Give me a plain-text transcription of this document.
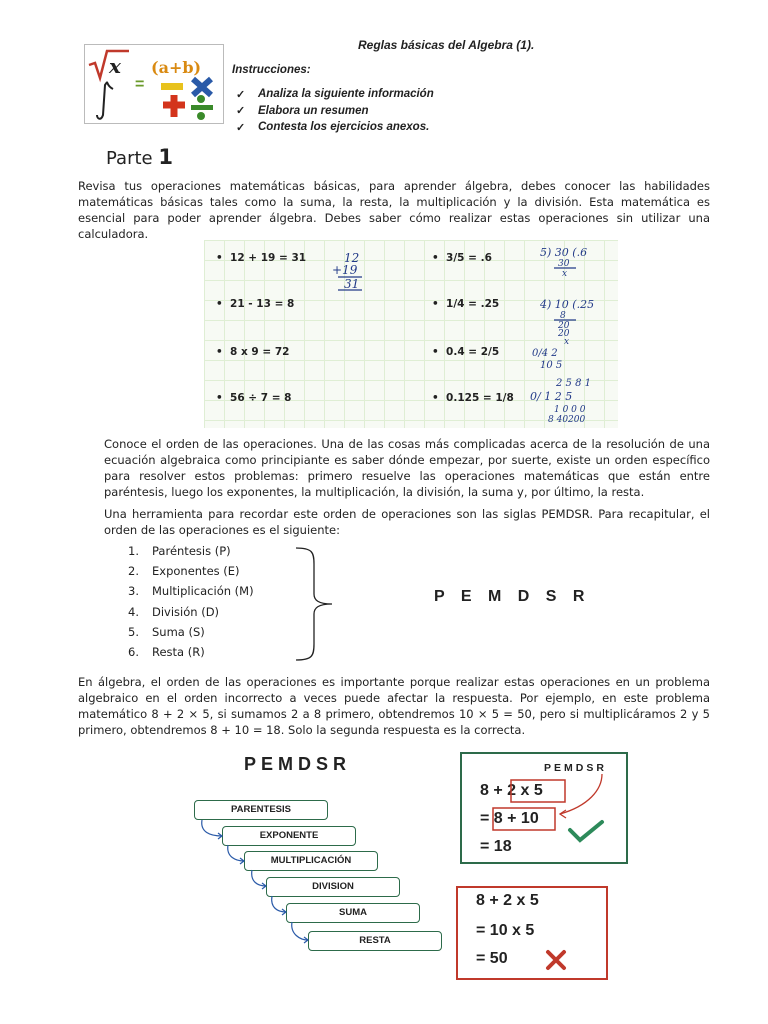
x
=
(a+b)
Reglas básicas del Algebra (1).
Instrucciones:
✓	Analiza la siguiente información
✓	Elabora un resumen
✓	Contesta los ejercicios anexos.
Parte 1

Revisa tus operaciones matemáticas básicas, para aprender álgebra, debes conocer las habilidades matemáticas básicas tales como la suma, la resta, la multiplicación y la división. Esta matemática es esencial para poder aprender álgebra. Debes saber cómo realizar estas operaciones sin utilizar una calculadora.

•  12 + 19 = 31
•  21 - 13 = 8
•  8 x 9 = 72
•  56 ÷ 7 = 8
•  3/5 = .6
•  1/4 = .25
•  0.4 = 2/5
•  0.125 = 1/8
12
+19
31
5) 30 (.6
30
x
4) 10 (.25
8
20
20
x
0/4 2
10 5
2 5 8 1
0/ 1 2 5
1 0 0 0
8 40200

Conoce el orden de las operaciones. Una de las cosas más complicadas acerca de la resolución de una ecuación algebraica como principiante es saber dónde empezar, por suerte, existe un orden específico para resolver estos problemas: primero resuelve las operaciones matemáticas que están entre paréntesis, luego los exponentes, la multiplicación, la división, la suma y, por último, la resta.

Una herramienta para recordar este orden de operaciones son las siglas PEMDSR. Para recapitular, el orden de las operaciones es el siguiente:

1.	Paréntesis (P)
2.	Exponentes (E)
3.	Multiplicación (M)
4.	División (D)
5.	Suma (S)
6.	Resta (R)
P E M D S R

En álgebra, el orden de las operaciones es importante porque realizar estas operaciones en un problema algebraico en el orden incorrecto a veces puede afectar la respuesta. Por ejemplo, en este problema matemático 8 + 2 × 5, si sumamos 2 a 8 primero, obtendremos 10 × 5 = 50, pero si multiplicáramos 2 y 5 primero, obtendremos 8 + 10 = 18. Solo la segunda respuesta es la correcta.

PEMDSR
PARENTESIS
EXPONENTE
MULTIPLICACIÓN
DIVISION
SUMA
RESTA
PEMDSR
8 + 2 x 5
= 8 + 10
= 18
8 + 2 x 5
= 10 x 5
= 50
